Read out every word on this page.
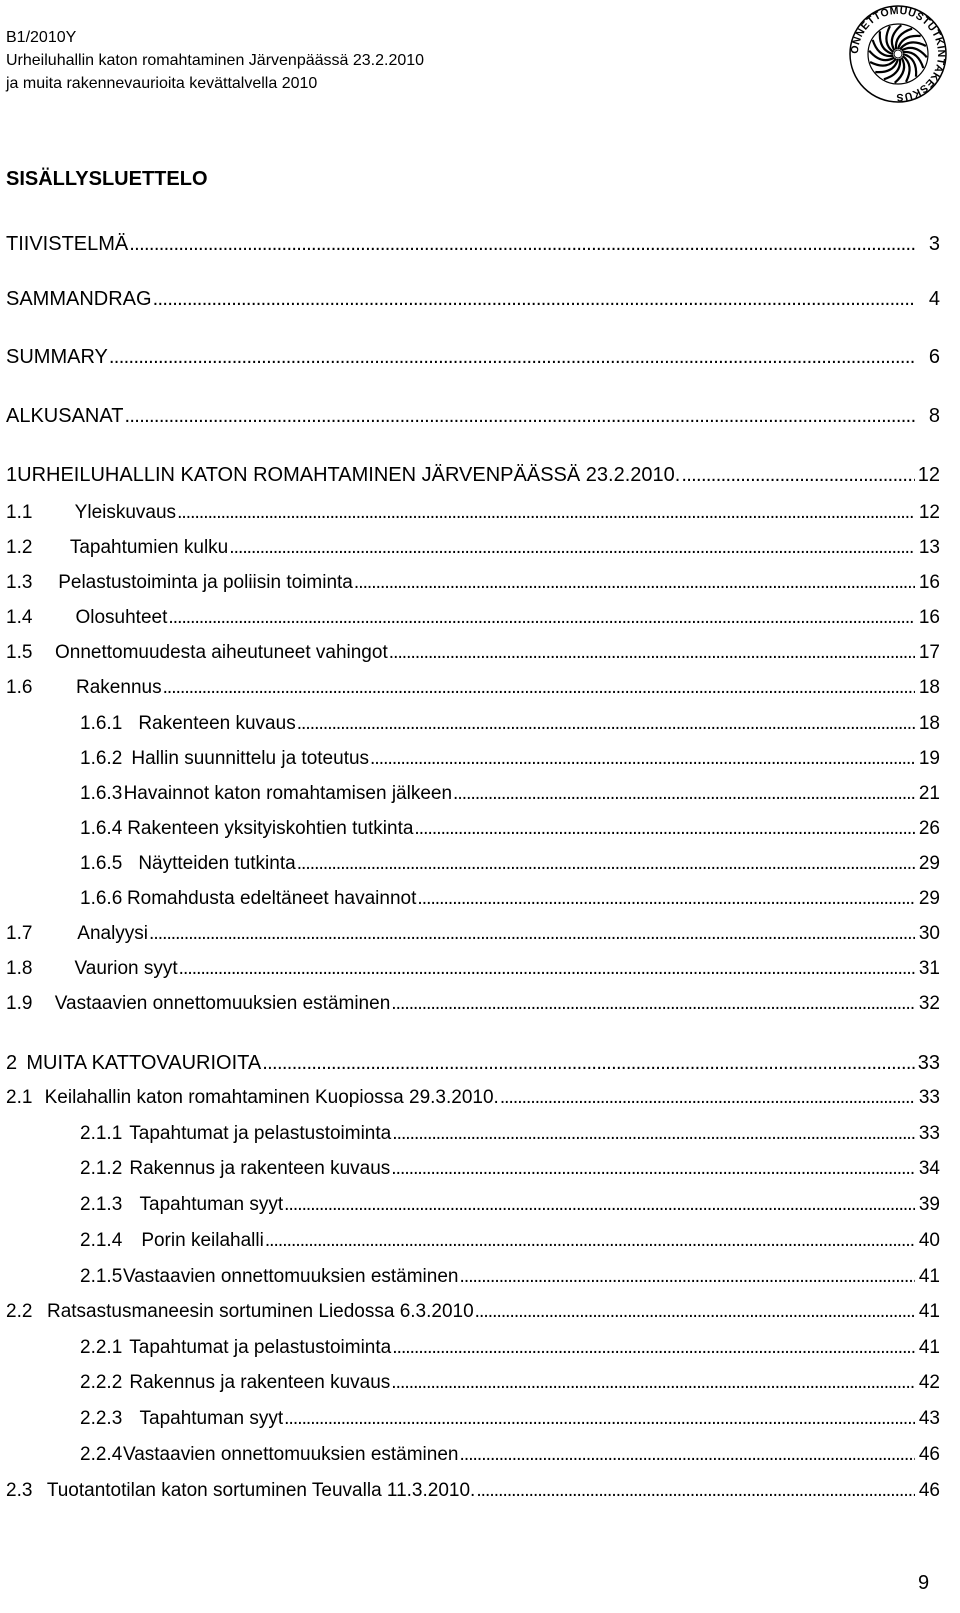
B1/2010Y
Urheiluhallin katon romahtaminen Järvenpäässä 23.2.2010
ja muita rakennevaurioita kevättalvella 2010
ONNETTOMUUSTUTKINTAKESKUS
SISÄLLYSLUETTELO
TIIVISTELMÄ . . .	3
SAMMANDRAG . . .	4
SUMMARY . . .	6
ALKUSANAT . . .	8
1 URHEILUHALLIN KATON ROMAHTAMINEN JÄRVENPÄÄSSÄ 23.2.2010. . . .	12
1.1	Yleiskuvaus . . .	12
1.2	Tapahtumien kulku . . .	13
1.3	Pelastustoiminta ja poliisin toiminta . . .	16
1.4	Olosuhteet . . .	16
1.5	Onnettomuudesta aiheutuneet vahingot . . .	17
1.6	Rakennus . . .	18
1.6.1 Rakenteen kuvaus . . .	18
1.6.2 Hallin suunnittelu ja toteutus . . .	19
1.6.3 Havainnot katon romahtamisen jälkeen . . .	21
1.6.4 Rakenteen yksityiskohtien tutkinta . . .	26
1.6.5 Näytteiden tutkinta . . .	29
1.6.6 Romahdusta edeltäneet havainnot . . .	29
1.7	Analyysi . . .	30
1.8	Vaurion syyt . . .	31
1.9	Vastaavien onnettomuuksien estäminen . . .	32
2 MUITA KATTOVAURIOITA . . .	33
2.1 Keilahallin katon romahtaminen Kuopiossa 29.3.2010. . . .	33
2.1.1 Tapahtumat ja pelastustoiminta . . .	33
2.1.2 Rakennus ja rakenteen kuvaus . . .	34
2.1.3 Tapahtuman syyt . . .	39
2.1.4	Porin keilahalli . . .	40
2.1.5 Vastaavien onnettomuuksien estäminen . . .	41
2.2 Ratsastusmaneesin sortuminen Liedossa 6.3.2010 . . .	41
2.2.1 Tapahtumat ja pelastustoiminta . . .	41
2.2.2 Rakennus ja rakenteen kuvaus . . .	42
2.2.3 Tapahtuman syyt . . .	43
2.2.4 Vastaavien onnettomuuksien estäminen . . .	46
2.3 Tuotantotilan katon sortuminen Teuvalla 11.3.2010. . . .	46
9
